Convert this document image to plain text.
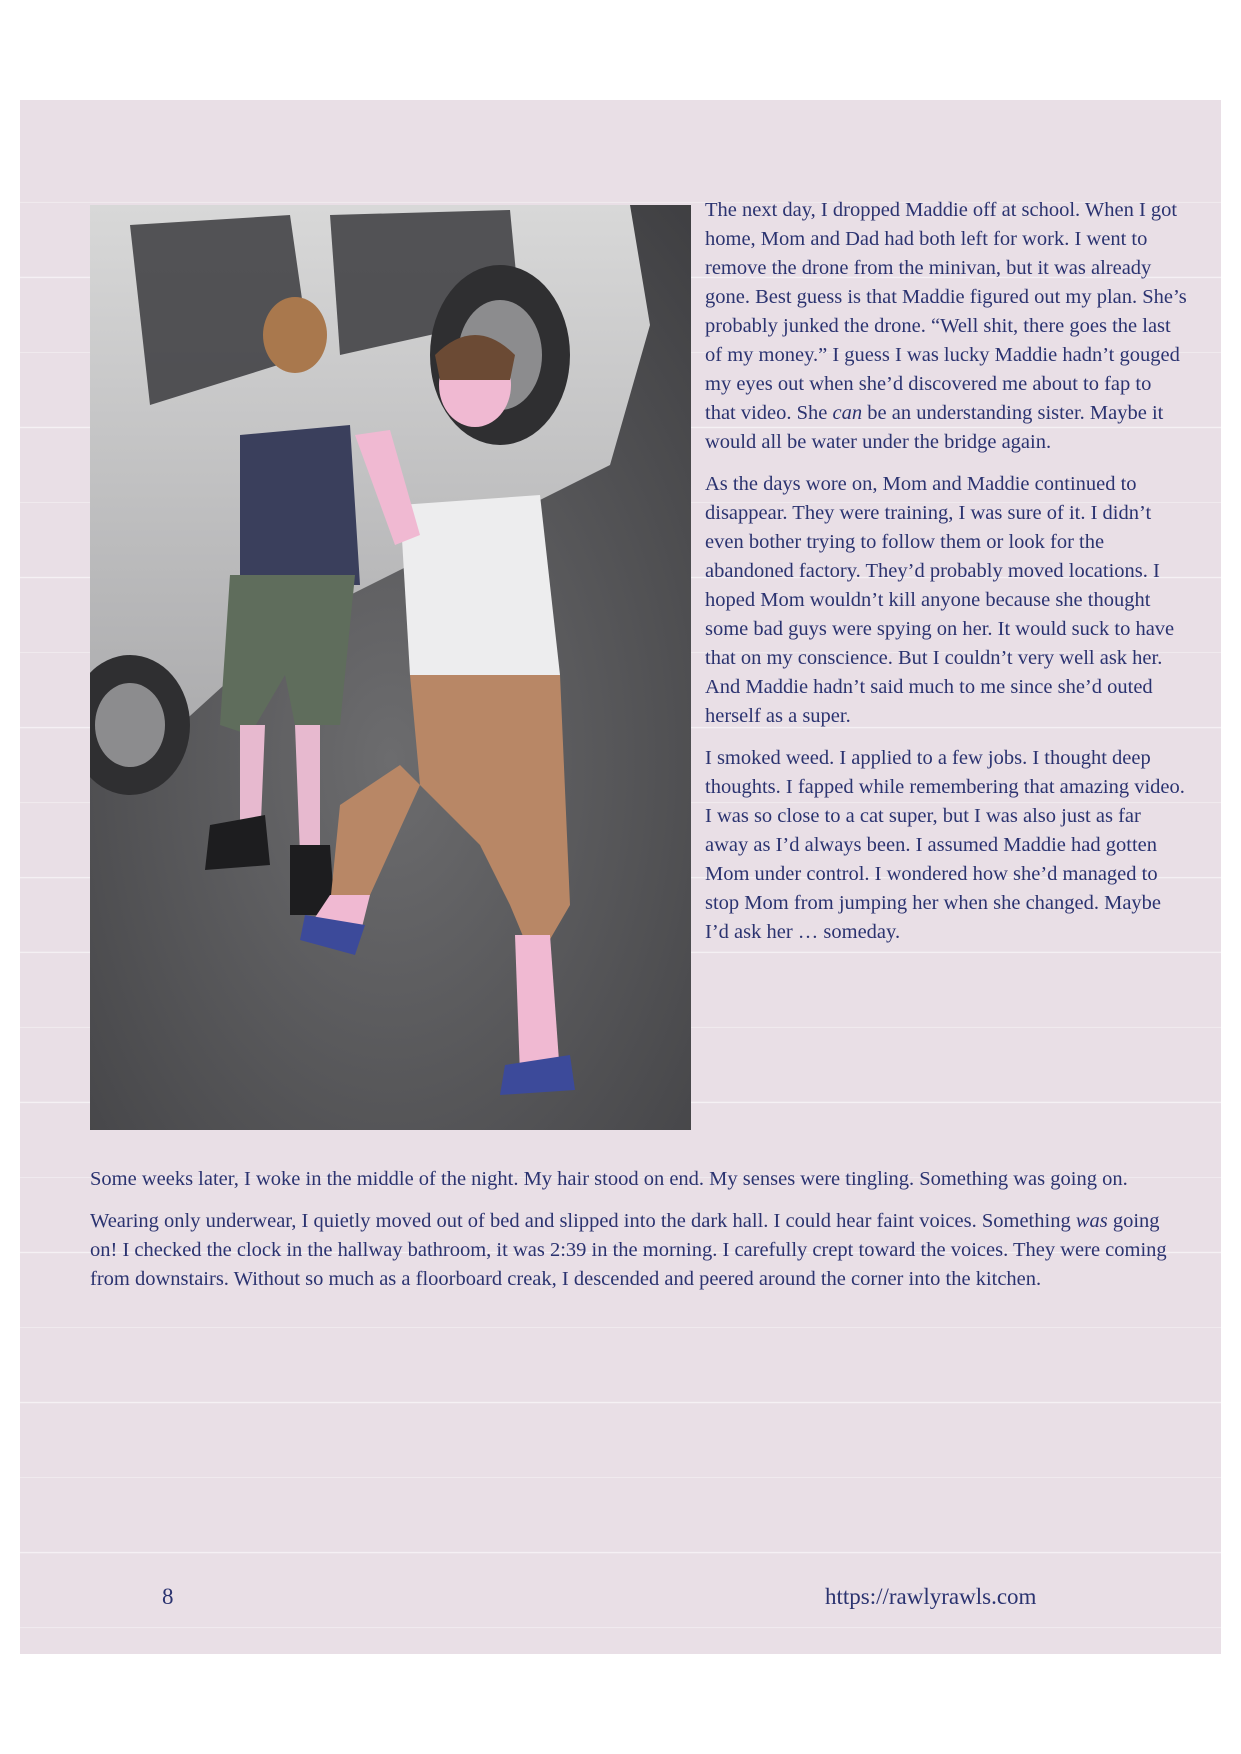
The next day, I dropped Maddie off at school. When I got home, Mom and Dad had both left for work. I went to remove the drone from the minivan, but it was already gone. Best guess is that Maddie figured out my plan. She’s probably junked the drone. “Well shit, there goes the last of my money.” I guess I was lucky Maddie hadn’t gouged my eyes out when she’d discovered me about to fap to that video. She can be an understanding sister. Maybe it would all be water under the bridge again.

As the days wore on, Mom and Maddie continued to disappear. They were training, I was sure of it. I didn’t even bother trying to follow them or look for the abandoned factory. They’d probably moved locations. I hoped Mom wouldn’t kill anyone because she thought some bad guys were spying on her. It would suck to have that on my conscience. But I couldn’t very well ask her. And Maddie hadn’t said much to me since she’d outed herself as a super.

I smoked weed. I applied to a few jobs. I thought deep thoughts. I fapped while remembering that amazing video. I was so close to a cat super, but I was also just as far away as I’d always been. I assumed Maddie had gotten Mom under control. I wondered how she’d managed to stop Mom from jumping her when she changed. Maybe I’d ask her … someday.

Some weeks later, I woke in the middle of the night. My hair stood on end. My senses were tingling. Something was going on.

Wearing only underwear, I quietly moved out of bed and slipped into the dark hall. I could hear faint voices. Something was going on! I checked the clock in the hallway bathroom, it was 2:39 in the morning. I carefully crept toward the voices. They were coming from downstairs. Without so much as a floorboard creak, I descended and peered around the corner into the kitchen.

8	https://rawlyrawls.com
